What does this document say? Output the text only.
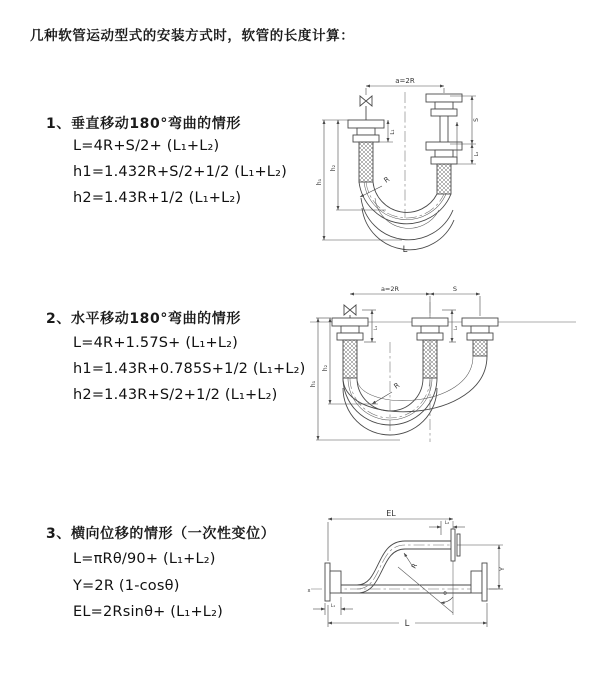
几种软管运动型式的安装方式时，软管的长度计算：
1、垂直移动180°弯曲的情形
L=4R+S/2+ (L₁+L₂)
h1=1.432R+S/2+1/2 (L₁+L₂)
h2=1.43R+1/2 (L₁+L₂)
2、水平移动180°弯曲的情形
L=4R+1.57S+ (L₁+L₂)
h1=1.43R+0.785S+1/2 (L₁+L₂)
h2=1.43R+S/2+1/2 (L₁+L₂)
3、横向位移的情形（一次性变位）
L=πRθ/90+ (L₁+L₂)
Y=2R (1-cosθ)
EL=2Rsinθ+ (L₁+L₂)
a=2R
R
h₁
h₂
L₁
S
L₂
L
a=2R	S
R
h₁
h₂
L₁	L₂
EL
L₂
x
R
θ
Y
L₁
L
